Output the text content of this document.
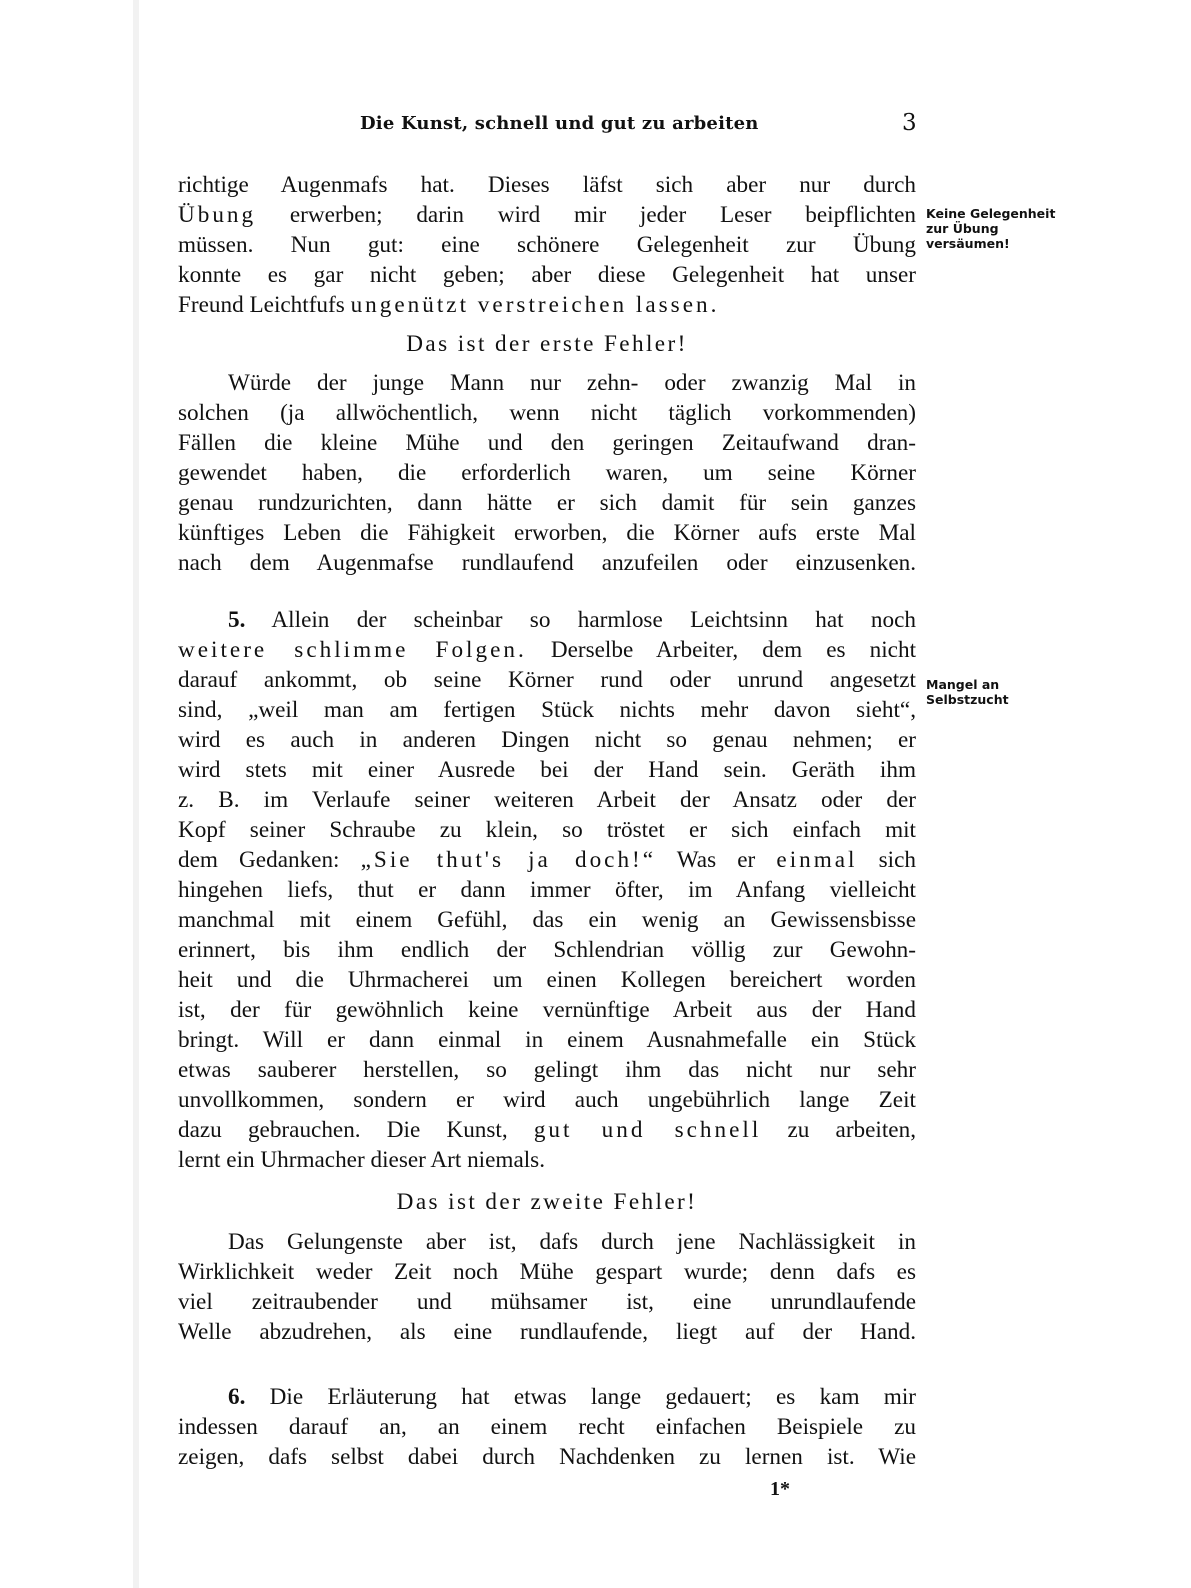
Die Kunst, schnell und gut zu arbeiten	3
richtige Augenmafs hat. Dieses läfst sich aber nur durch
Übung erwerben; darin wird mir jeder Leser beipflichten
müssen. Nun gut: eine schönere Gelegenheit zur Übung
konnte es gar nicht geben; aber diese Gelegenheit hat unser
Freund Leichtfufs ungenützt verstreichen lassen.
Keine Gelegenheit zur Übung versäumen!
Das ist der erste Fehler!
Würde der junge Mann nur zehn- oder zwanzig Mal in
solchen (ja allwöchentlich, wenn nicht täglich vorkommenden)
Fällen die kleine Mühe und den geringen Zeitaufwand dran-
gewendet haben, die erforderlich waren, um seine Körner
genau rundzurichten, dann hätte er sich damit für sein ganzes
künftiges Leben die Fähigkeit erworben, die Körner aufs erste Mal
nach dem Augenmafse rundlaufend anzufeilen oder einzusenken.
5. Allein der scheinbar so harmlose Leichtsinn hat noch
weitere schlimme Folgen. Derselbe Arbeiter, dem es nicht
darauf ankommt, ob seine Körner rund oder unrund angesetzt
sind, „weil man am fertigen Stück nichts mehr davon sieht“,
wird es auch in anderen Dingen nicht so genau nehmen; er
wird stets mit einer Ausrede bei der Hand sein. Geräth ihm
z. B. im Verlaufe seiner weiteren Arbeit der Ansatz oder der
Kopf seiner Schraube zu klein, so tröstet er sich einfach mit
dem Gedanken: „Sie thut's ja doch!“ Was er einmal sich
hingehen liefs, thut er dann immer öfter, im Anfang vielleicht
manchmal mit einem Gefühl, das ein wenig an Gewissensbisse
erinnert, bis ihm endlich der Schlendrian völlig zur Gewohn-
heit und die Uhrmacherei um einen Kollegen bereichert worden
ist, der für gewöhnlich keine vernünftige Arbeit aus der Hand
bringt. Will er dann einmal in einem Ausnahmefalle ein Stück
etwas sauberer herstellen, so gelingt ihm das nicht nur sehr
unvollkommen, sondern er wird auch ungebührlich lange Zeit
dazu gebrauchen. Die Kunst, gut und schnell zu arbeiten,
lernt ein Uhrmacher dieser Art niemals.
Mangel an Selbstzucht
Das ist der zweite Fehler!
Das Gelungenste aber ist, dafs durch jene Nachlässigkeit in
Wirklichkeit weder Zeit noch Mühe gespart wurde; denn dafs es
viel zeitraubender und mühsamer ist, eine unrundlaufende
Welle abzudrehen, als eine rundlaufende, liegt auf der Hand.
6. Die Erläuterung hat etwas lange gedauert; es kam mir
indessen darauf an, an einem recht einfachen Beispiele zu
zeigen, dafs selbst dabei durch Nachdenken zu lernen ist. Wie
1*
